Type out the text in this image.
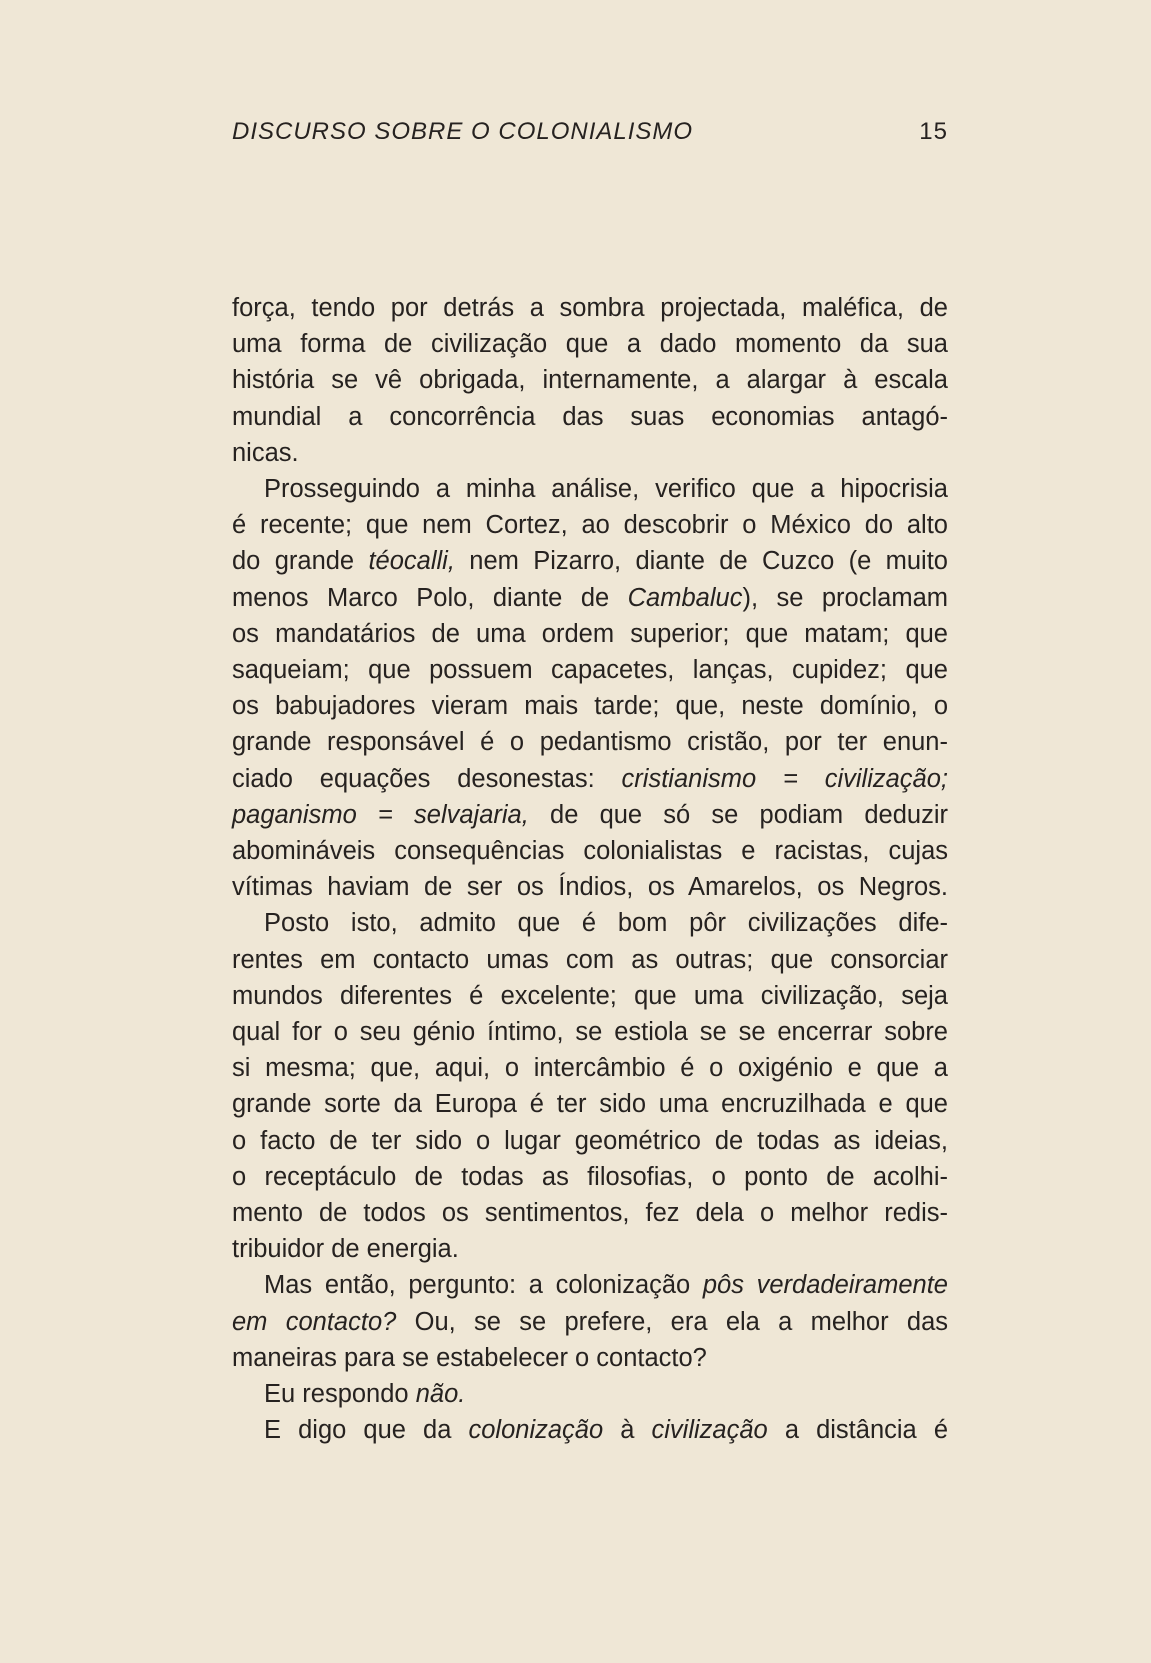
DISCURSO SOBRE O COLONIALISMO	15
força, tendo por detrás a sombra projectada, maléfica, de
uma forma de civilização que a dado momento da sua
história se vê obrigada, internamente, a alargar à escala
mundial a concorrência das suas economias antagó-
nicas.
Prosseguindo a minha análise, verifico que a hipocrisia
é recente; que nem Cortez, ao descobrir o México do alto
do grande téocalli, nem Pizarro, diante de Cuzco (e muito
menos Marco Polo, diante de Cambaluc), se proclamam
os mandatários de uma ordem superior; que matam; que
saqueiam; que possuem capacetes, lanças, cupidez; que
os babujadores vieram mais tarde; que, neste domínio, o
grande responsável é o pedantismo cristão, por ter enun-
ciado equações desonestas: cristianismo = civilização;
paganismo = selvajaria, de que só se podiam deduzir
abomináveis consequências colonialistas e racistas, cujas
vítimas haviam de ser os Índios, os Amarelos, os Negros.
Posto isto, admito que é bom pôr civilizações dife-
rentes em contacto umas com as outras; que consorciar
mundos diferentes é excelente; que uma civilização, seja
qual for o seu génio íntimo, se estiola se se encerrar sobre
si mesma; que, aqui, o intercâmbio é o oxigénio e que a
grande sorte da Europa é ter sido uma encruzilhada e que
o facto de ter sido o lugar geométrico de todas as ideias,
o receptáculo de todas as filosofias, o ponto de acolhi-
mento de todos os sentimentos, fez dela o melhor redis-
tribuidor de energia.
Mas então, pergunto: a colonização pôs verdadeiramente
em contacto? Ou, se se prefere, era ela a melhor das
maneiras para se estabelecer o contacto?
Eu respondo não.
E digo que da colonização à civilização a distância é
